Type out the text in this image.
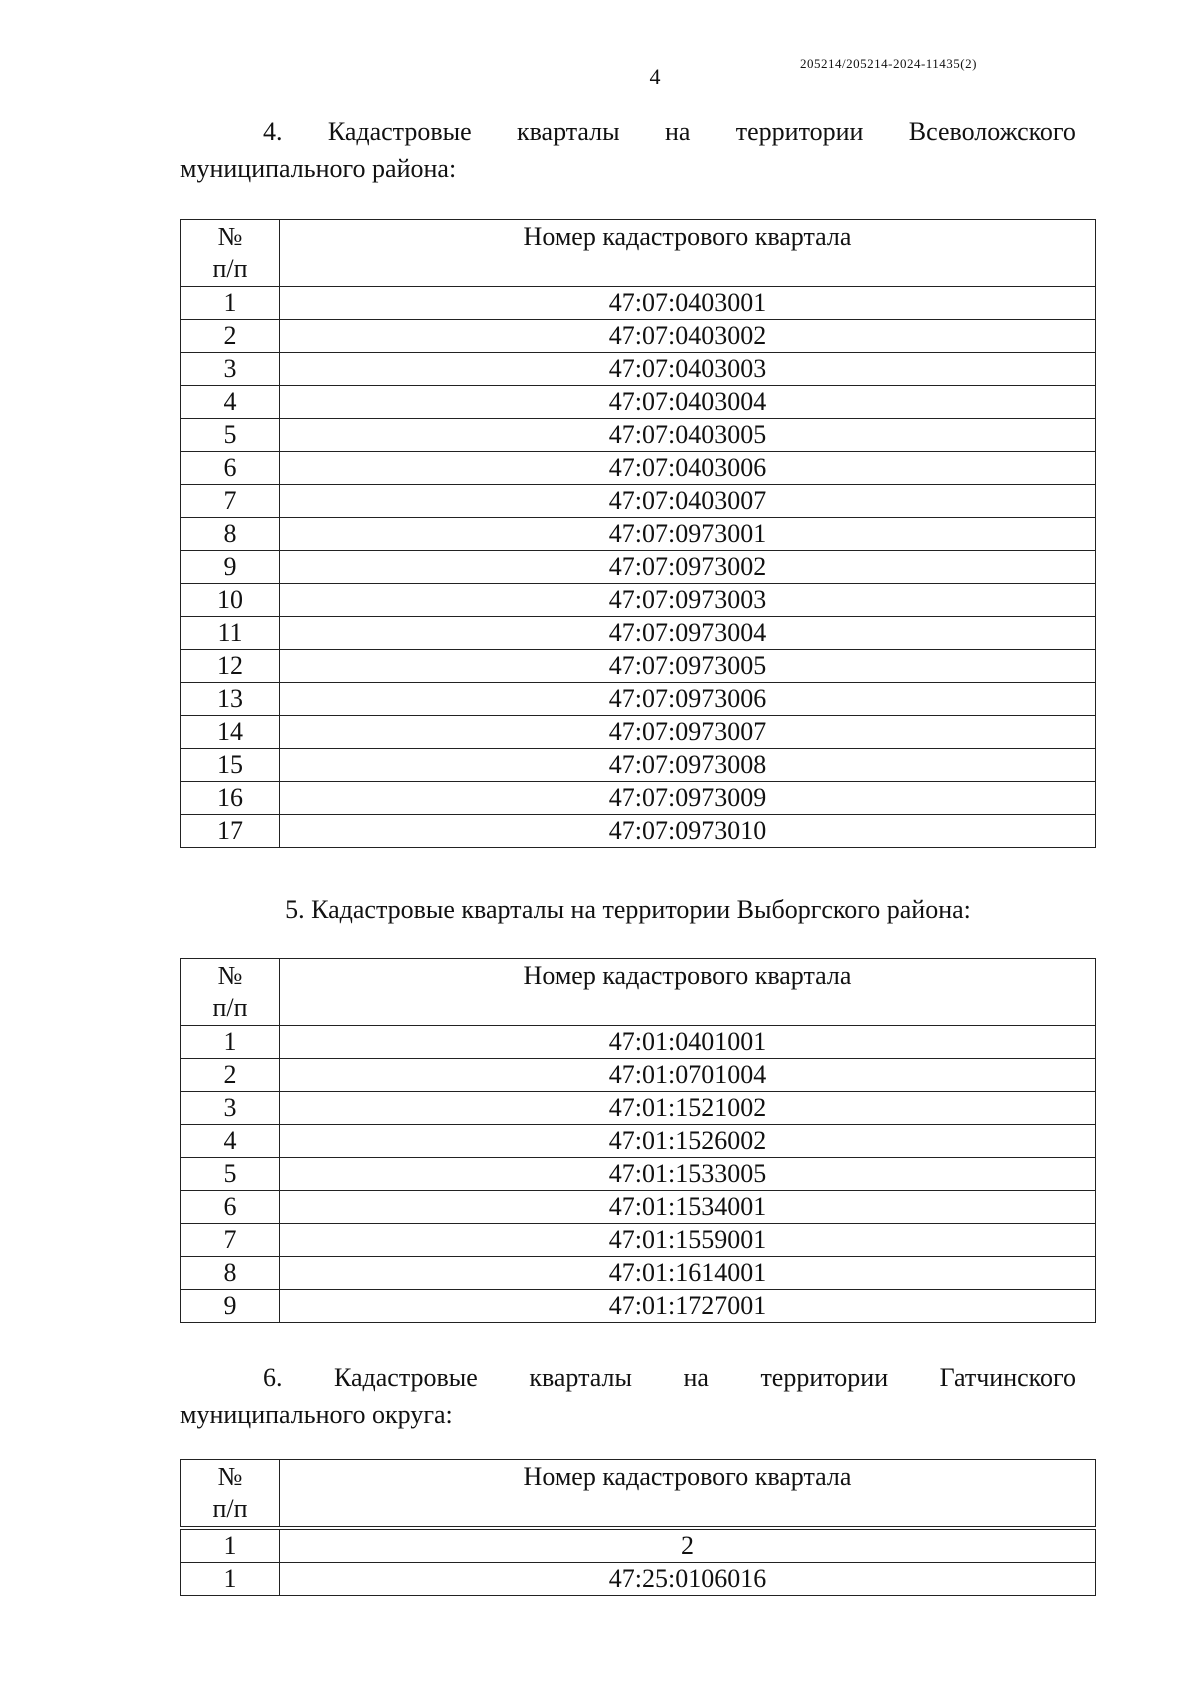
4
205214/205214-2024-11435(2)
4. Кадастровые кварталы на территории Всеволожского
муниципального района:
№
п/п	Номер кадастрового квартала
1	47:07:0403001
2	47:07:0403002
3	47:07:0403003
4	47:07:0403004
5	47:07:0403005
6	47:07:0403006
7	47:07:0403007
8	47:07:0973001
9	47:07:0973002
10	47:07:0973003
11	47:07:0973004
12	47:07:0973005
13	47:07:0973006
14	47:07:0973007
15	47:07:0973008
16	47:07:0973009
17	47:07:0973010
5. Кадастровые кварталы на территории Выборгского района:
№
п/п	Номер кадастрового квартала
1	47:01:0401001
2	47:01:0701004
3	47:01:1521002
4	47:01:1526002
5	47:01:1533005
6	47:01:1534001
7	47:01:1559001
8	47:01:1614001
9	47:01:1727001
6. Кадастровые кварталы на территории Гатчинского
муниципального округа:
№
п/п	Номер кадастрового квартала
1	2
1	47:25:0106016
